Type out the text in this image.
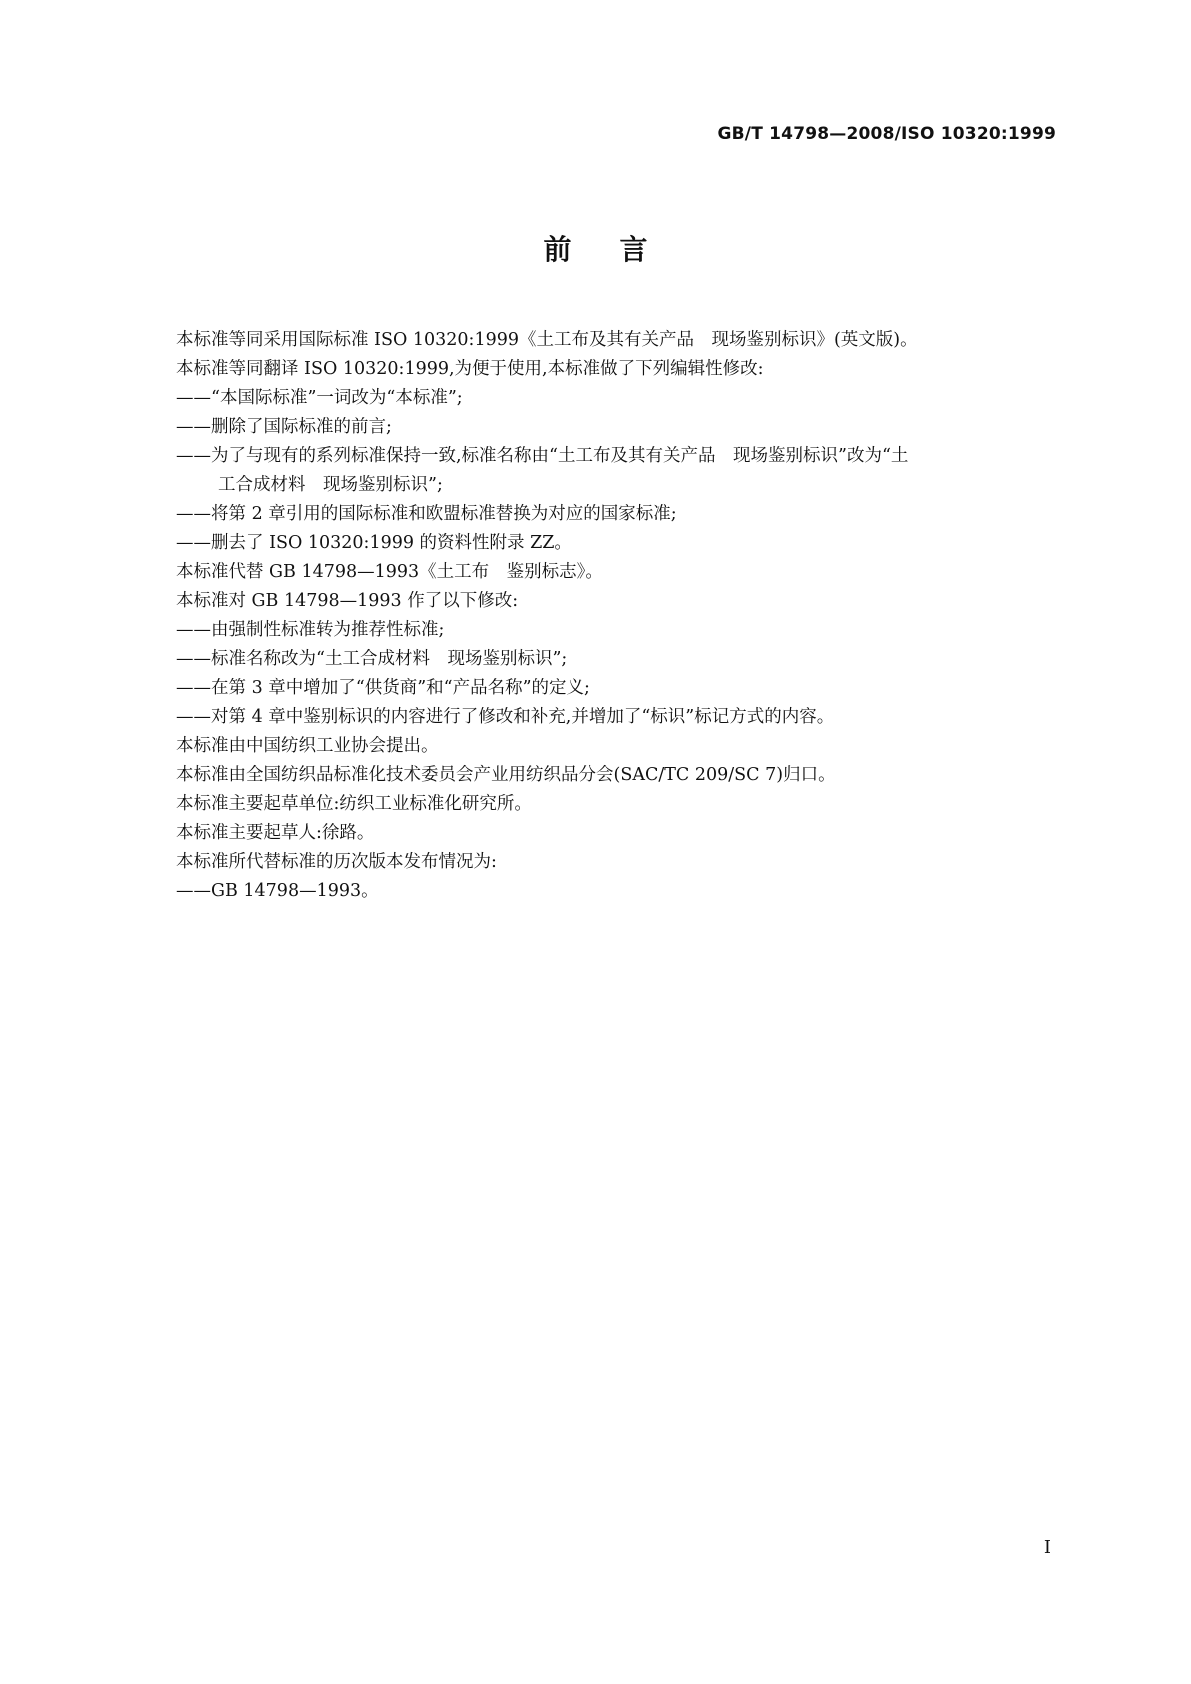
GB/T 14798—2008/ISO 10320:1999
前言
本标准等同采用国际标准 ISO 10320:1999《土工布及其有关产品　现场鉴别标识》(英文版)。
本标准等同翻译 ISO 10320:1999,为便于使用,本标准做了下列编辑性修改:
——“本国际标准”一词改为“本标准”;
——删除了国际标准的前言;
——为了与现有的系列标准保持一致,标准名称由“土工布及其有关产品　现场鉴别标识”改为“土
工合成材料　现场鉴别标识”;
——将第 2 章引用的国际标准和欧盟标准替换为对应的国家标准;
——删去了 ISO 10320:1999 的资料性附录 ZZ。
本标准代替 GB 14798—1993《土工布　鉴别标志》。
本标准对 GB 14798—1993 作了以下修改:
——由强制性标准转为推荐性标准;
——标准名称改为“土工合成材料　现场鉴别标识”;
——在第 3 章中增加了“供货商”和“产品名称”的定义;
——对第 4 章中鉴别标识的内容进行了修改和补充,并增加了“标识”标记方式的内容。
本标准由中国纺织工业协会提出。
本标准由全国纺织品标准化技术委员会产业用纺织品分会(SAC/TC 209/SC 7)归口。
本标准主要起草单位:纺织工业标准化研究所。
本标准主要起草人:徐路。
本标准所代替标准的历次版本发布情况为:
——GB 14798—1993。
I
